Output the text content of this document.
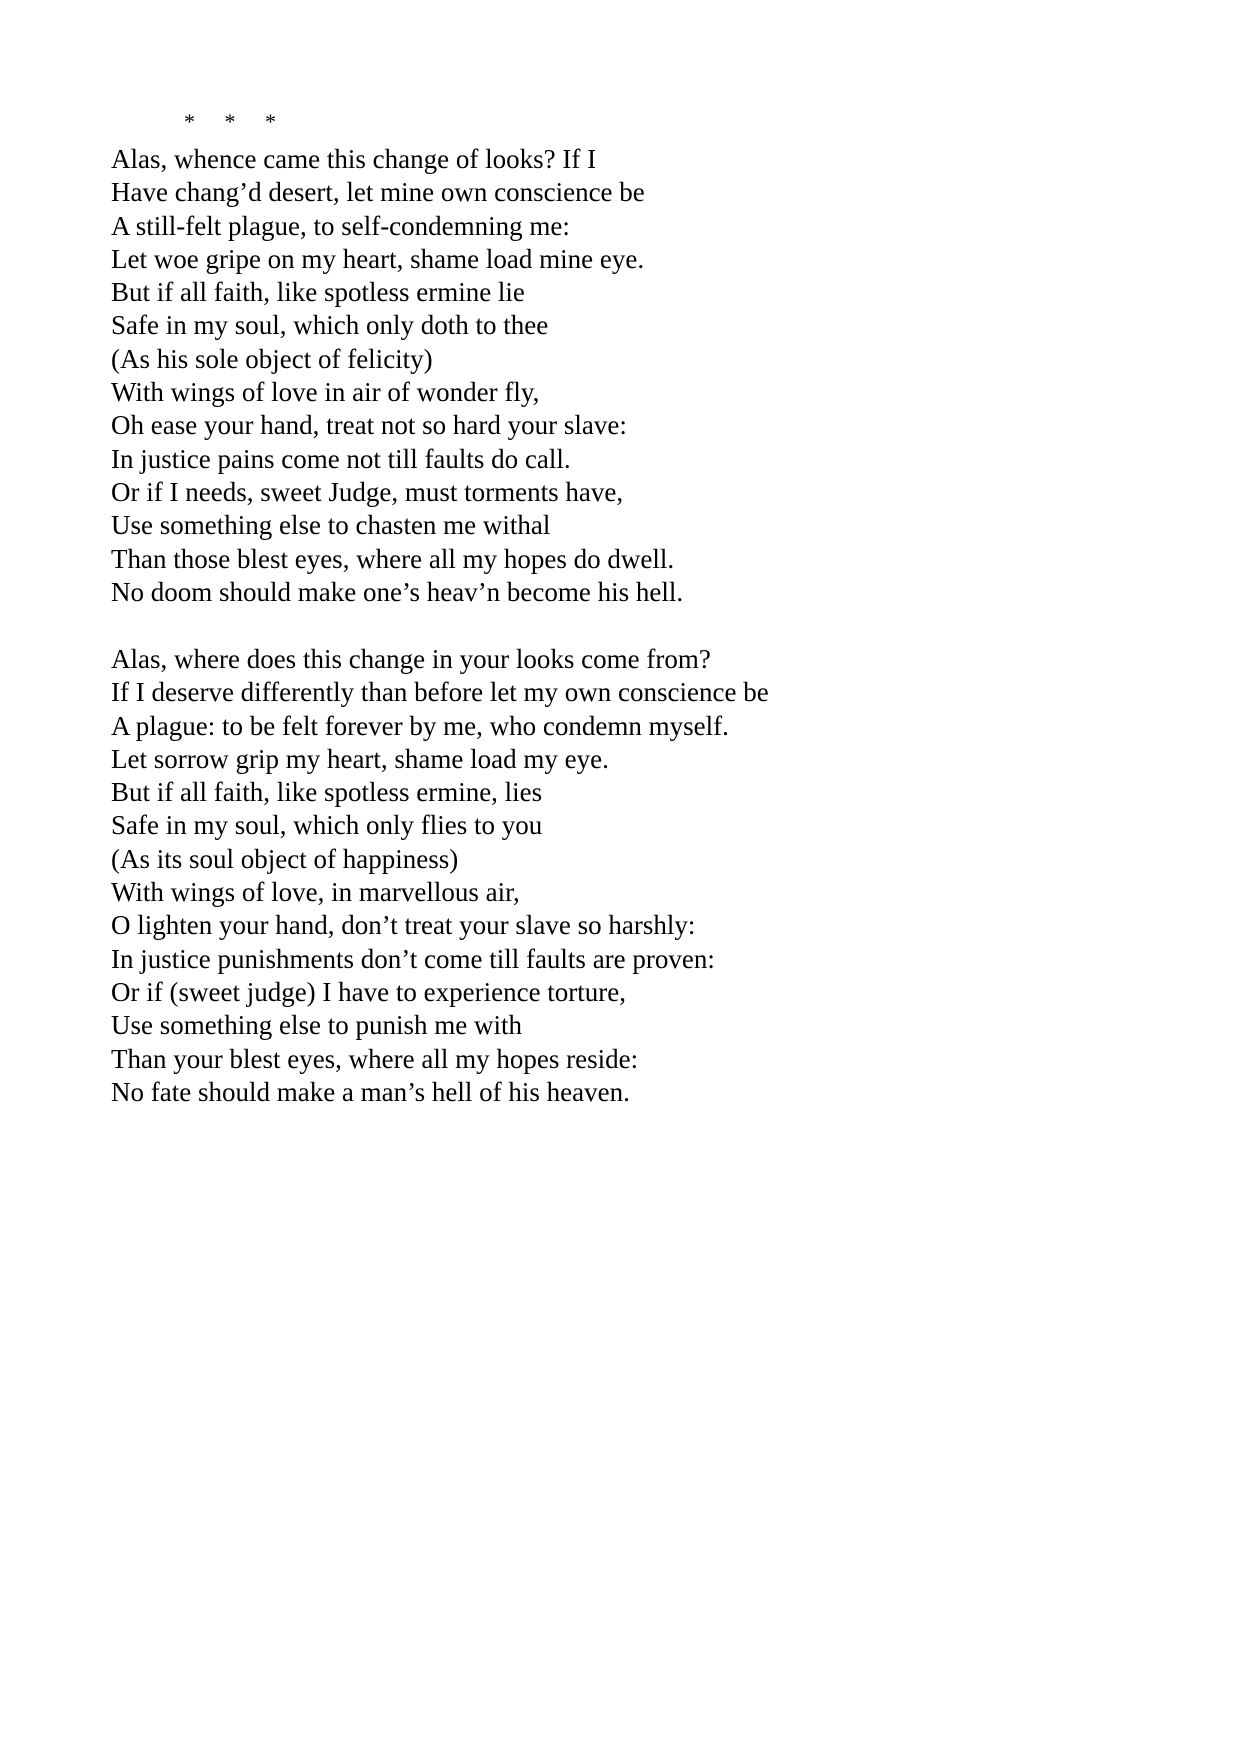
* * *
Alas, whence came this change of looks? If I
Have chang’d desert, let mine own conscience be
A still-felt plague, to self-condemning me:
Let woe gripe on my heart, shame load mine eye.
But if all faith, like spotless ermine lie
Safe in my soul, which only doth to thee
(As his sole object of felicity)
With wings of love in air of wonder fly,
Oh ease your hand, treat not so hard your slave:
In justice pains come not till faults do call.
Or if I needs, sweet Judge, must torments have,
Use something else to chasten me withal
Than those blest eyes, where all my hopes do dwell.
No doom should make one’s heav’n become his hell.
Alas, where does this change in your looks come from?
If I deserve differently than before let my own conscience be
A plague: to be felt forever by me, who condemn myself.
Let sorrow grip my heart, shame load my eye.
But if all faith, like spotless ermine, lies
Safe in my soul, which only flies to you
(As its soul object of happiness)
With wings of love, in marvellous air,
O lighten your hand, don’t treat your slave so harshly:
In justice punishments don’t come till faults are proven:
Or if (sweet judge) I have to experience torture,
Use something else to punish me with
Than your blest eyes, where all my hopes reside:
No fate should make a man’s hell of his heaven.
